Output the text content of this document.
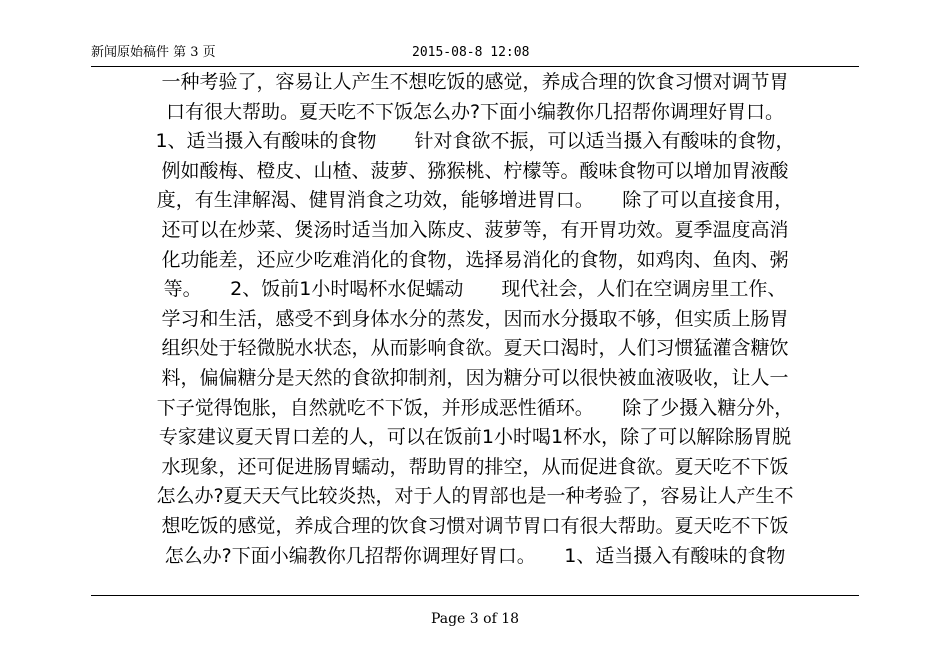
新闻原始稿件 第 3 页	2015-08-8 12:08
一种考验了，容易让人产生不想吃饭的感觉，养成合理的饮食习惯对调节胃
口有很大帮助。夏天吃不下饭怎么办?下面小编教你几招帮你调理好胃口。
1、适当摄入有酸味的食物　　针对食欲不振，可以适当摄入有酸味的食物，
例如酸梅、橙皮、山楂、菠萝、猕猴桃、柠檬等。酸味食物可以增加胃液酸
度，有生津解渴、健胃消食之功效，能够增进胃口。　　除了可以直接食用，
还可以在炒菜、煲汤时适当加入陈皮、菠萝等，有开胃功效。夏季温度高消
化功能差，还应少吃难消化的食物，选择易消化的食物，如鸡肉、鱼肉、粥
等。　　2、饭前1小时喝杯水促蠕动　　现代社会，人们在空调房里工作、
学习和生活，感受不到身体水分的蒸发，因而水分摄取不够，但实质上肠胃
组织处于轻微脱水状态，从而影响食欲。夏天口渴时，人们习惯猛灌含糖饮
料，偏偏糖分是天然的食欲抑制剂，因为糖分可以很快被血液吸收，让人一
下子觉得饱胀，自然就吃不下饭，并形成恶性循环。　　除了少摄入糖分外，
专家建议夏天胃口差的人，可以在饭前1小时喝1杯水，除了可以解除肠胃脱
水现象，还可促进肠胃蠕动，帮助胃的排空，从而促进食欲。夏天吃不下饭
怎么办?夏天天气比较炎热，对于人的胃部也是一种考验了，容易让人产生不
想吃饭的感觉，养成合理的饮食习惯对调节胃口有很大帮助。夏天吃不下饭
怎么办?下面小编教你几招帮你调理好胃口。　　1、适当摄入有酸味的食物
Page 3 of 18
